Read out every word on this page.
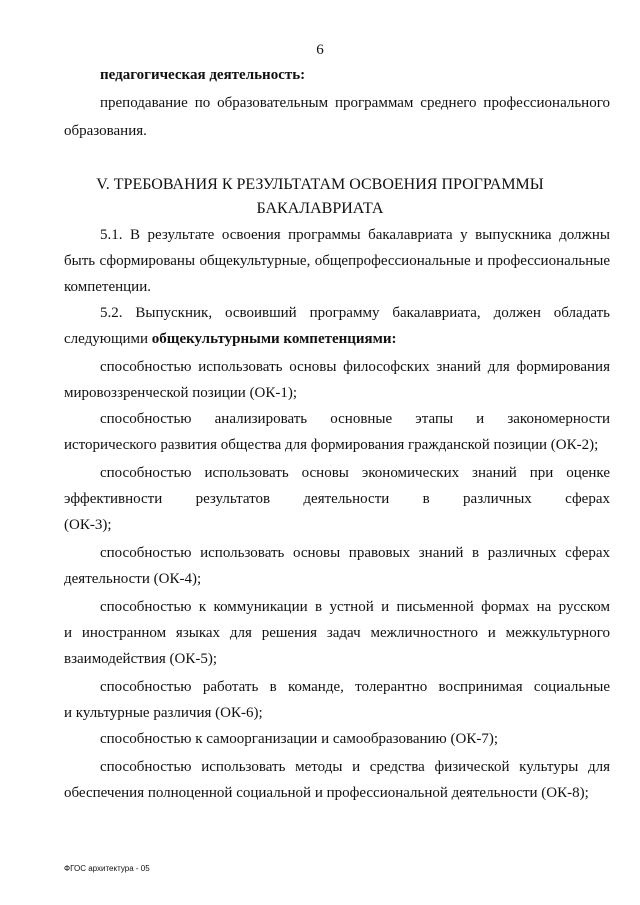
6
педагогическая деятельность:
преподавание по образовательным программам среднего профессионального
образования.
V. ТРЕБОВАНИЯ К РЕЗУЛЬТАТАМ ОСВОЕНИЯ ПРОГРАММЫ
БАКАЛАВРИАТА
5.1. В результате освоения программы бакалавриата у выпускника должны
быть сформированы общекультурные, общепрофессиональные и профессиональные
компетенции.
5.2. Выпускник, освоивший программу бакалавриата, должен обладать
следующими общекультурными компетенциями:
способностью использовать основы философских знаний для формирования
мировоззренческой позиции (ОК-1);
способностью анализировать основные этапы и закономерности
исторического развития общества для формирования гражданской позиции (ОК-2);
способностью использовать основы экономических знаний при оценке
эффективности результатов деятельности в различных сферах
(ОК-3);
способностью использовать основы правовых знаний в различных сферах
деятельности (ОК-4);
способностью к коммуникации в устной и письменной формах на русском
и иностранном языках для решения задач межличностного и межкультурного
взаимодействия (ОК-5);
способностью работать в команде, толерантно воспринимая социальные
и культурные различия (ОК-6);
способностью к самоорганизации и самообразованию (ОК-7);
способностью использовать методы и средства физической культуры для
обеспечения полноценной социальной и профессиональной деятельности (ОК-8);
ФГОС архитектура - 05
